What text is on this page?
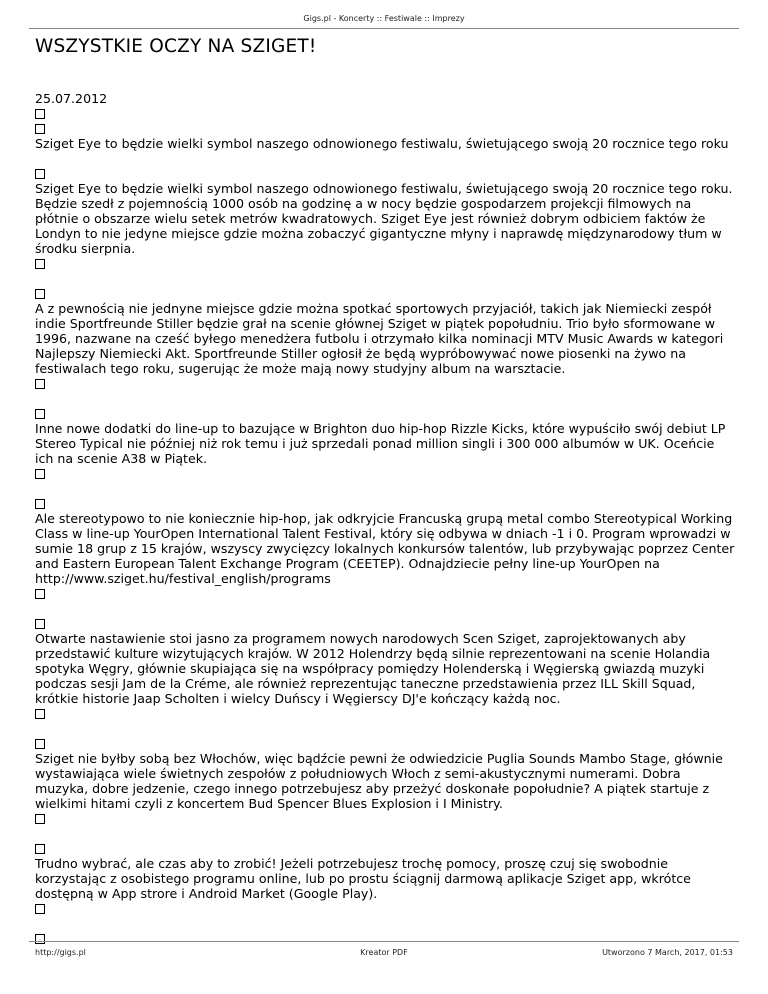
Gigs.pl - Koncerty :: Festiwale :: Imprezy
WSZYSTKIE OCZY NA SZIGET!
25.07.2012
Sziget Eye to będzie wielki symbol naszego odnowionego festiwalu, świetującego swoją 20 rocznice tego roku
Sziget Eye to będzie wielki symbol naszego odnowionego festiwalu, świetującego swoją 20 rocznice tego roku. Będzie szedł z pojemnością 1000 osób na godzinę a w nocy będzie gospodarzem projekcji filmowych na płótnie o obszarze wielu setek metrów kwadratowych. Sziget Eye jest również dobrym odbiciem faktów że Londyn to nie jedyne miejsce gdzie można zobaczyć gigantyczne młyny i naprawdę międzynarodowy tłum w środku sierpnia.
A z pewnością nie jednyne miejsce gdzie można spotkać sportowych przyjaciół, takich jak Niemiecki zespół indie Sportfreunde Stiller będzie grał na scenie głównej Sziget w piątek popołudniu. Trio było sformowane w 1996, nazwane na cześć byłego menedżera futbolu i otrzymało kilka nominacji MTV Music Awards w kategori Najlepszy Niemiecki Akt. Sportfreunde Stiller ogłosił że będą wypróbowywać nowe piosenki na żywo na festiwalach tego roku, sugerując że może mają nowy studyjny album na warsztacie.
Inne nowe dodatki do line-up to bazujące w Brighton duo hip-hop Rizzle Kicks, które wypuściło swój debiut LP Stereo Typical nie później niż rok temu i już sprzedali ponad million singli i 300 000 albumów w UK. Oceńcie ich na scenie A38 w Piątek.
Ale stereotypowo to nie koniecznie hip-hop, jak odkryjcie Francuską grupą metal combo Stereotypical Working Class w line-up YourOpen International Talent Festival, który się odbywa w dniach -1 i 0. Program wprowadzi w sumie 18 grup z 15 krajów, wszyscy zwycięzcy lokalnych konkursów talentów, lub przybywając poprzez Center and Eastern European Talent Exchange Program (CEETEP). Odnajdziecie pełny line-up YourOpen na http://www.sziget.hu/festival_english/programs
Otwarte nastawienie stoi jasno za programem nowych narodowych Scen Sziget, zaprojektowanych aby przedstawić kulture wizytujących krajów. W 2012 Holendrzy będą silnie reprezentowani na scenie Holandia spotyka Węgry, głównie skupiająca się na współpracy pomiędzy Holenderską i Węgierską gwiazdą muzyki podczas sesji Jam de la Créme, ale również reprezentując taneczne przedstawienia przez ILL Skill Squad, krótkie historie Jaap Scholten i wielcy Duńscy i Węgierscy DJ'e kończący każdą noc.
Sziget nie byłby sobą bez Włochów, więc bądźcie pewni że odwiedzicie Puglia Sounds Mambo Stage, głównie wystawiająca wiele świetnych zespołów z południowych Włoch z semi-akustycznymi numerami. Dobra muzyka, dobre jedzenie, czego innego potrzebujesz aby przeżyć doskonałe popołudnie? A piątek startuje z wielkimi hitami czyli z koncertem Bud Spencer Blues Explosion i I Ministry.
Trudno wybrać, ale czas aby to zrobić! Jeżeli potrzebujesz trochę pomocy, proszę czuj się swobodnie korzystając z osobistego programu online, lub po prostu ściągnij darmową aplikacje Sziget app, wkrótce dostępną w App strore i Android Market (Google Play).
http://gigs.pl	Kreator PDF	Utworzono 7 March, 2017, 01:53
